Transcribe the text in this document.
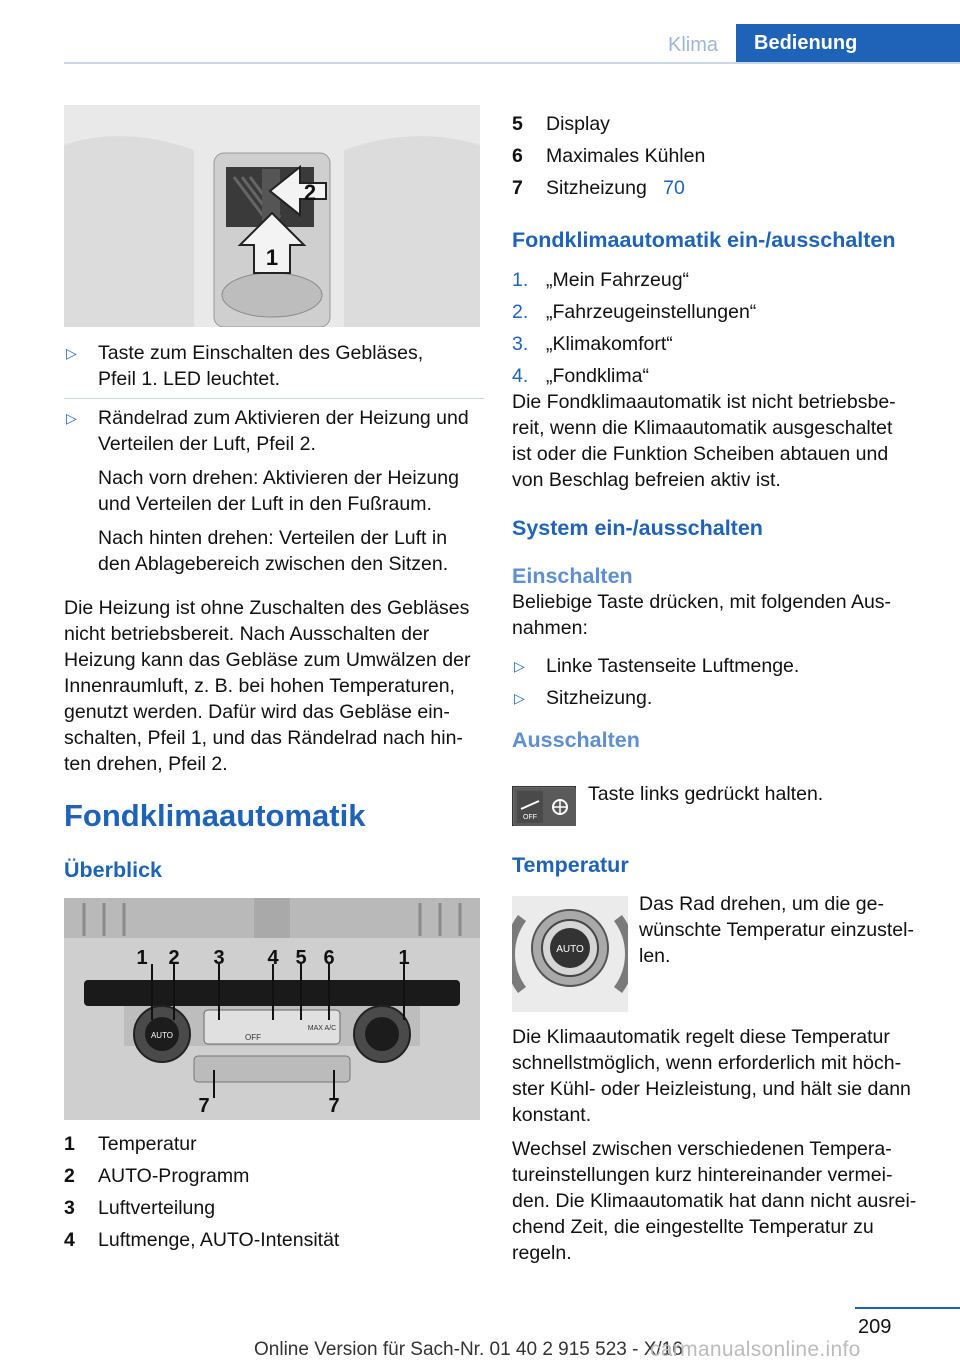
Klima	Bedienung
1
2
▷ Taste zum Einschalten des Gebläses,

Pfeil 1. LED leuchtet.

▷ Rändelrad zum Aktivieren der Heizung und

Verteilen der Luft, Pfeil 2.

Nach vorn drehen: Aktivieren der Heizung

und Verteilen der Luft in den Fußraum.

Nach hinten drehen: Verteilen der Luft in

den Ablagebereich zwischen den Sitzen.

Die Heizung ist ohne Zuschalten des Gebläses

nicht betriebsbereit. Nach Ausschalten der

Heizung kann das Gebläse zum Umwälzen der

Innenraumluft, z. B. bei hohen Temperaturen,

genutzt werden. Dafür wird das Gebläse ein-

schalten, Pfeil 1, und das Rändelrad nach hin-

ten drehen, Pfeil 2.

Fondklimaautomatik
Überblick
AUTO	OFF
MAX A/C
1 2 3 4 5 6	1
7	7
1 Temperatur
2 AUTO-Programm
3 Luftverteilung
4 Luftmenge, AUTO-Intensität
5 Display
6 Maximales Kühlen
7 Sitzheizung 70
Fondklimaautomatik ein-/ausschalten
1. „Mein Fahrzeug“
2. „Fahrzeugeinstellungen“
3. „Klimakomfort“
4. „Fondklima“

Die Fondklimaautomatik ist nicht betriebsbe-

reit, wenn die Klimaautomatik ausgeschaltet

ist oder die Funktion Scheiben abtauen und

von Beschlag befreien aktiv ist.

System ein-/ausschalten
Einschalten

Beliebige Taste drücken, mit folgenden Aus-

nahmen:

▷ Linke Tastenseite Luftmenge.

▷ Sitzheizung.

Ausschalten
OFF
Taste links gedrückt halten.
Temperatur
AUTO

Das Rad drehen, um die ge-

wünschte Temperatur einzustel-

len.

Die Klimaautomatik regelt diese Temperatur

schnellstmöglich, wenn erforderlich mit höch-

ster Kühl- oder Heizleistung, und hält sie dann

konstant.

Wechsel zwischen verschiedenen Tempera-

tureinstellungen kurz hintereinander vermei-

den. Die Klimaautomatik hat dann nicht ausrei-

chend Zeit, die eingestellte Temperatur zu

regeln.

209
Online Version für Sach-Nr. 01 40 2 915 523 - X/16
carmanualsonline.info
